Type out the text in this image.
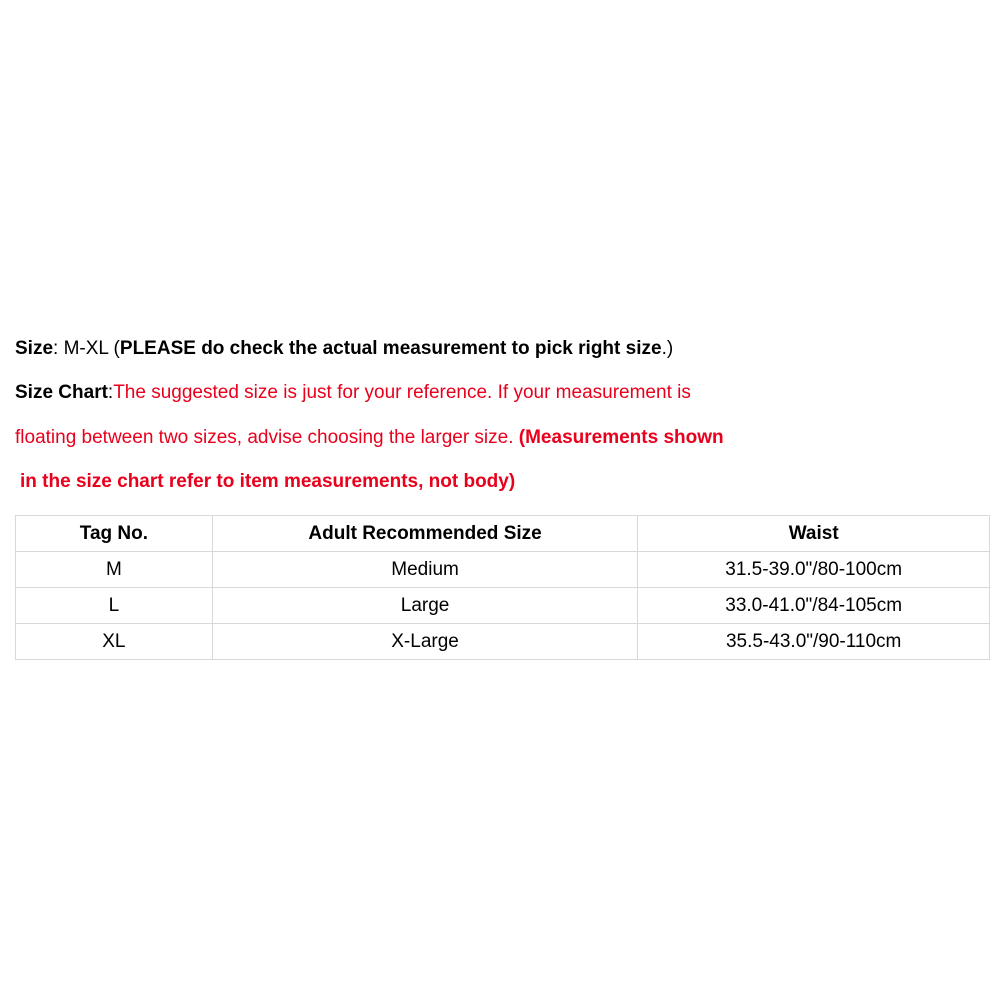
Size: M-XL (PLEASE do check the actual measurement to pick right size.)
Size Chart:The suggested size is just for your reference. If your measurement is
floating between two sizes, advise choosing the larger size. (Measurements shown
in the size chart refer to item measurements, not body)
Tag No.	Adult Recommended Size	Waist
M	Medium	31.5-39.0"/80-100cm
L	Large	33.0-41.0"/84-105cm
XL	X-Large	35.5-43.0"/90-110cm
